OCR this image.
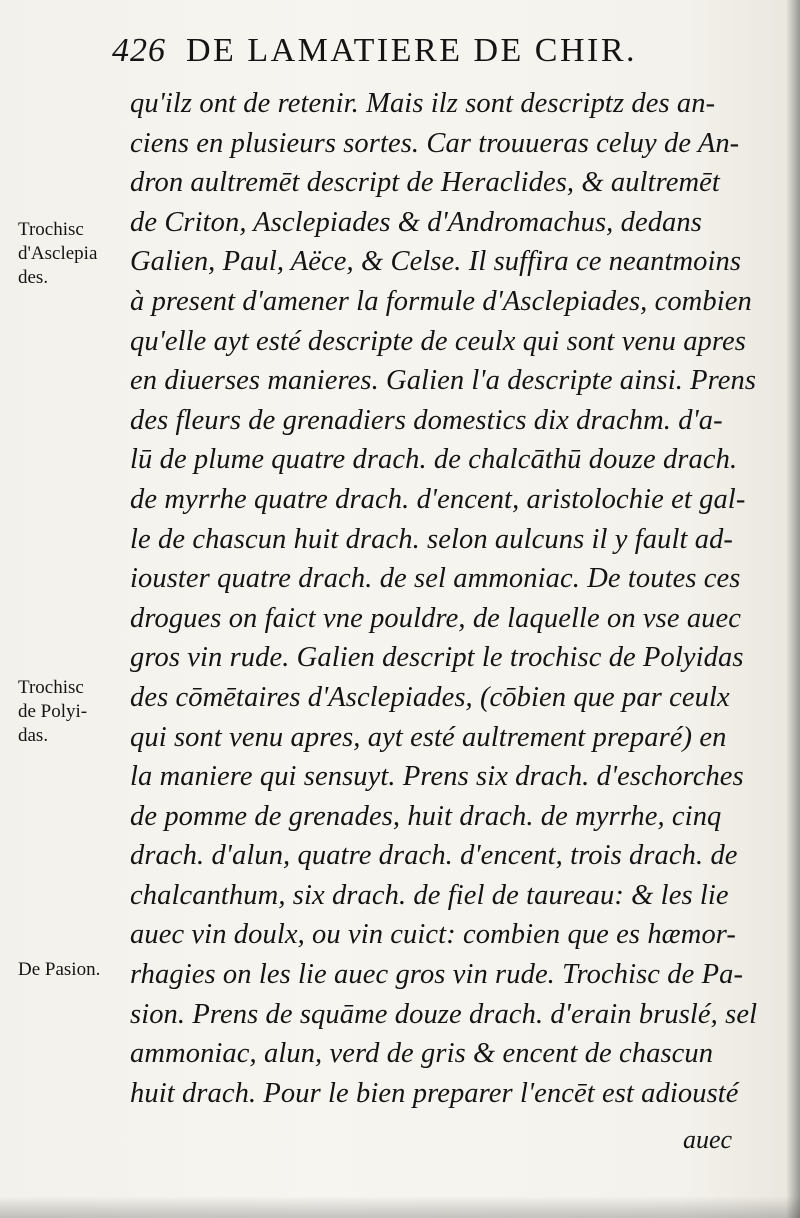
426 DE LAMATIERE DE CHIR.
Trochisc
d'Asclepia
des.
Trochisc
de Polyi-
das.
De Pasion.
qu'ilz ont de retenir. Mais ilz sont descriptz des an-
ciens en plusieurs sortes. Car trouueras celuy de An-
dron aultremēt descript de Heraclides, & aultremēt
de Criton, Asclepiades & d'Andromachus, dedans
Galien, Paul, Aëce, & Celse. Il suffira ce neantmoins
à present d'amener la formule d'Asclepiades, combien
qu'elle ayt esté descripte de ceulx qui sont venu apres
en diuerses manieres. Galien l'a descripte ainsi. Prens
des fleurs de grenadiers domestics dix drachm. d'a-
lū de plume quatre drach. de chalcāthū douze drach.
de myrrhe quatre drach. d'encent, aristolochie et gal-
le de chascun huit drach. selon aulcuns il y fault ad-
iouster quatre drach. de sel ammoniac. De toutes ces
drogues on faict vne pouldre, de laquelle on vse auec
gros vin rude. Galien descript le trochisc de Polyidas
des cōmētaires d'Asclepiades, (cōbien que par ceulx
qui sont venu apres, ayt esté aultrement preparé) en
la maniere qui sensuyt. Prens six drach. d'eschorches
de pomme de grenades, huit drach. de myrrhe, cinq
drach. d'alun, quatre drach. d'encent, trois drach. de
chalcanthum, six drach. de fiel de taureau: & les lie
auec vin doulx, ou vin cuict: combien que es hæmor-
rhagies on les lie auec gros vin rude. Trochisc de Pa-
sion. Prens de squāme douze drach. d'erain bruslé, sel
ammoniac, alun, verd de gris & encent de chascun
huit drach. Pour le bien preparer l'encēt est adiousté
auec
